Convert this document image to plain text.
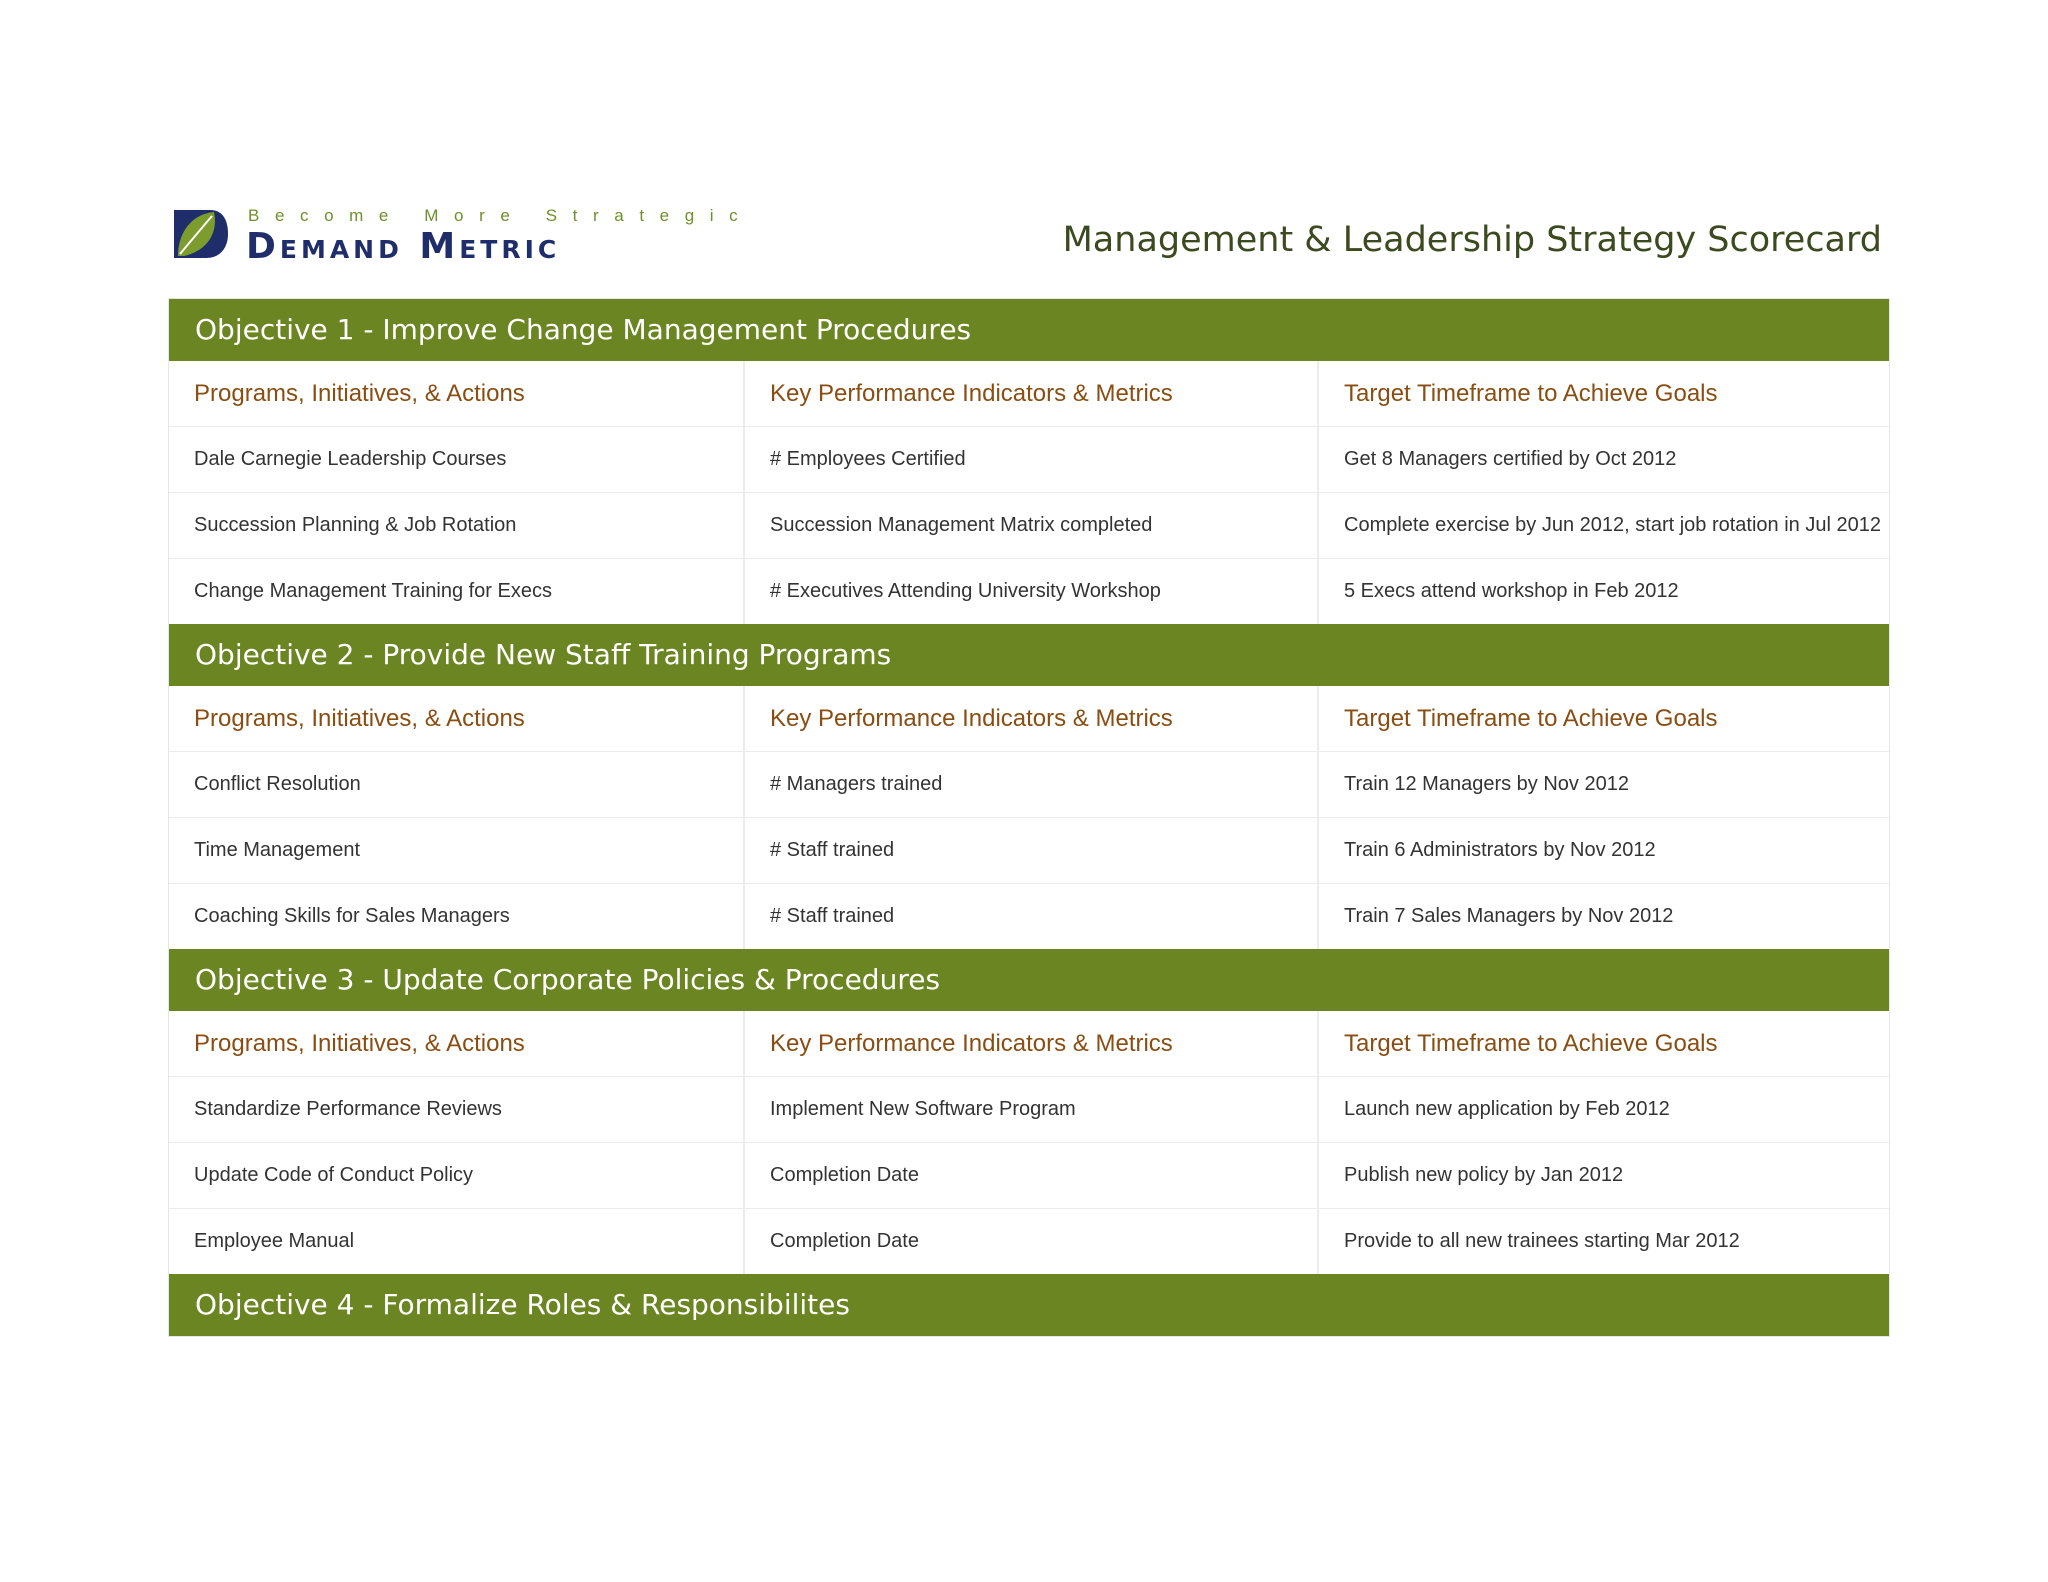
Become More Strategic
Demand Metric	Management & Leadership Strategy Scorecard
Objective 1 - Improve Change Management Procedures
Programs, Initiatives, & Actions	Key Performance Indicators & Metrics	Target Timeframe to Achieve Goals
Dale Carnegie Leadership Courses	# Employees Certified	Get 8 Managers certified by Oct 2012
Succession Planning & Job Rotation	Succession Management Matrix completed	Complete exercise by Jun 2012, start job rotation in Jul 2012
Change Management Training for Execs	# Executives Attending University Workshop	5 Execs attend workshop in Feb 2012
Objective 2 - Provide New Staff Training Programs
Programs, Initiatives, & Actions	Key Performance Indicators & Metrics	Target Timeframe to Achieve Goals
Conflict Resolution	# Managers trained	Train 12 Managers by Nov 2012
Time Management	# Staff trained	Train 6 Administrators by Nov 2012
Coaching Skills for Sales Managers	# Staff trained	Train 7 Sales Managers by Nov 2012
Objective 3 - Update Corporate Policies & Procedures
Programs, Initiatives, & Actions	Key Performance Indicators & Metrics	Target Timeframe to Achieve Goals
Standardize Performance Reviews	Implement New Software Program	Launch new application by Feb 2012
Update Code of Conduct Policy	Completion Date	Publish new policy by Jan 2012
Employee Manual	Completion Date	Provide to all new trainees starting Mar 2012
Objective 4 - Formalize Roles & Responsibilites
